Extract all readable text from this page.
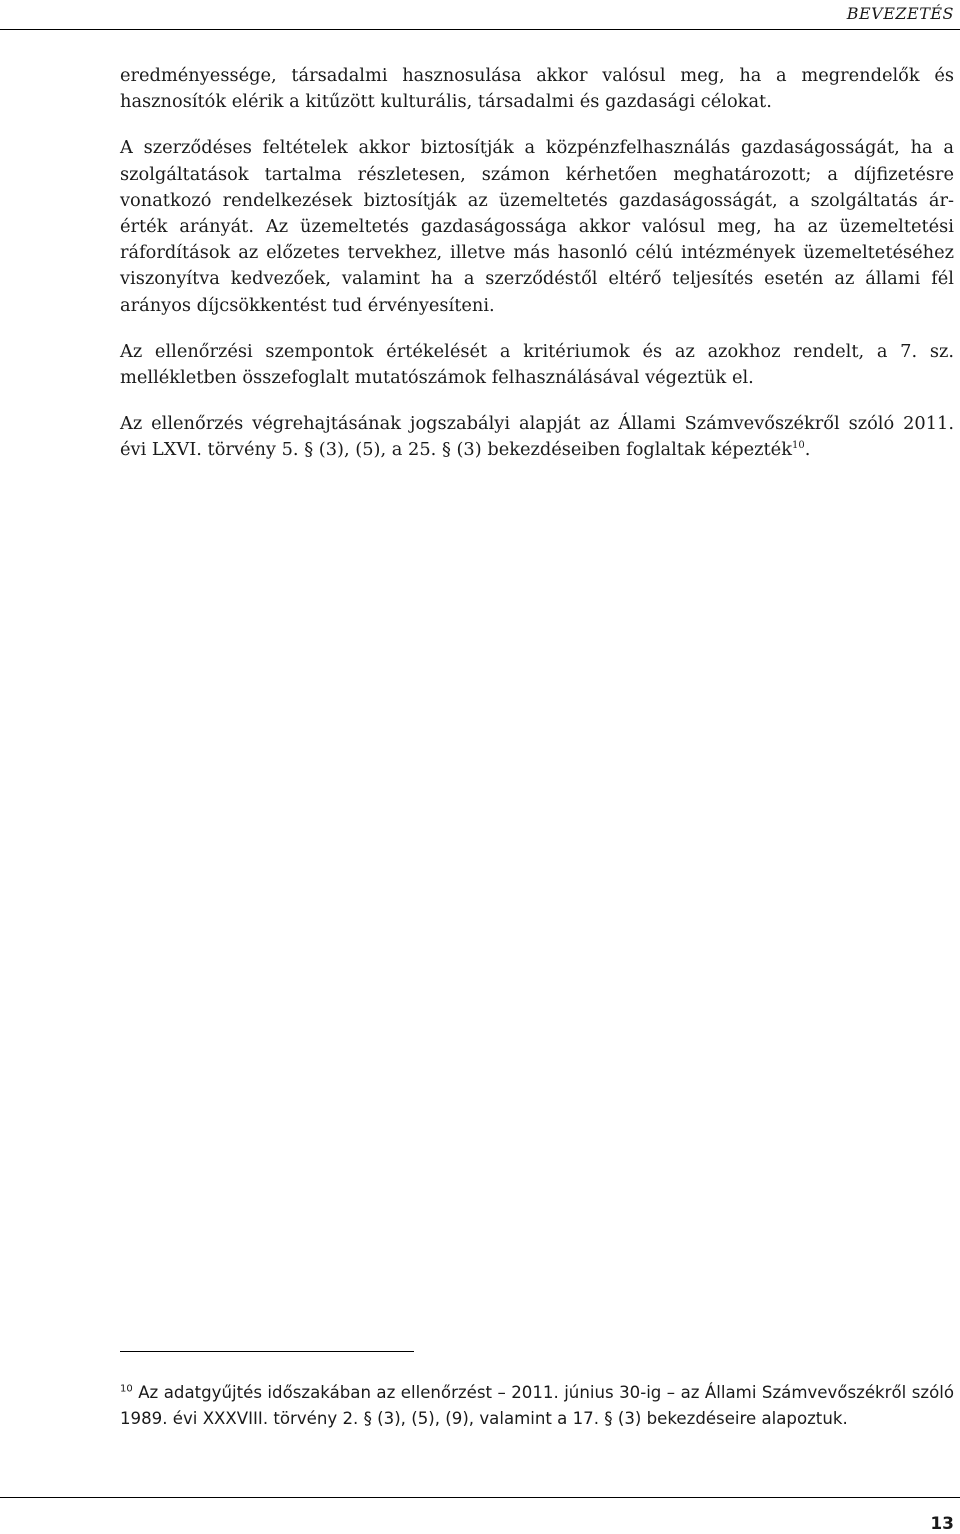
BEVEZETÉS

eredményessége, társadalmi hasznosulása akkor valósul meg, ha a megrendelők és hasznosítók elérik a kitűzött kulturális, társadalmi és gazdasági célokat.

A szerződéses feltételek akkor biztosítják a közpénzfelhasználás gazdaságosságát, ha a szolgáltatások tartalma részletesen, számon kérhetően meghatározott; a díjfizetésre vonatkozó rendelkezések biztosítják az üzemeltetés gazdaságosságát, a szolgáltatás ár-érték arányát. Az üzemeltetés gazdaságossága akkor valósul meg, ha az üzemeltetési ráfordítások az előzetes tervekhez, illetve más hasonló célú intézmények üzemeltetéséhez viszonyítva kedvezőek, valamint ha a szerződéstől eltérő teljesítés esetén az állami fél arányos díjcsökkentést tud érvényesíteni.

Az ellenőrzési szempontok értékelését a kritériumok és az azokhoz rendelt, a 7. sz. mellékletben összefoglalt mutatószámok felhasználásával végeztük el.

Az ellenőrzés végrehajtásának jogszabályi alapját az Állami Számvevőszékről szóló 2011. évi LXVI. törvény 5. § (3), (5), a 25. § (3) bekezdéseiben foglaltak képezték$^{10}$.

$^{10}$ Az adatgyűjtés időszakában az ellenőrzést – 2011. június 30-ig – az Állami Számvevőszékről szóló 1989. évi XXXVIII. törvény 2. § (3), (5), (9), valamint a 17. § (3) bekezdéseire alapoztuk.
13
